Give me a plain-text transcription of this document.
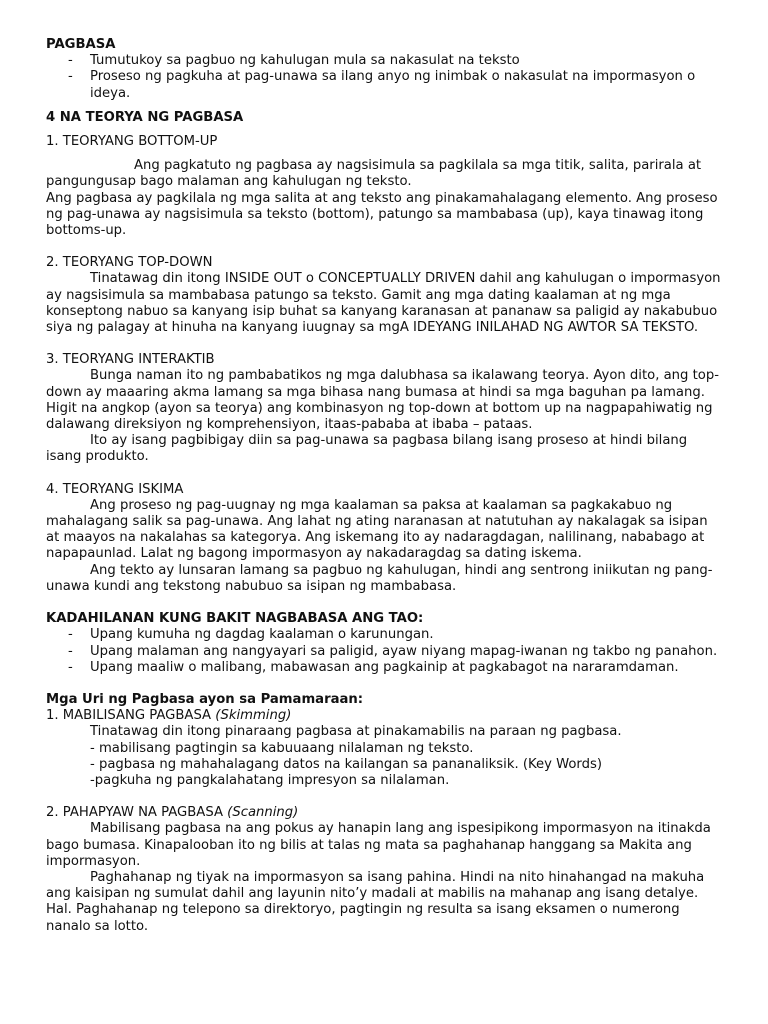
PAGBASA
- Tumutukoy sa pagbuo ng kahulugan mula sa nakasulat na teksto
- Proseso ng pagkuha at pag-unawa sa ilang anyo ng inimbak o nakasulat na impormasyon o ideya.
4 NA TEORYA NG PAGBASA
1. TEORYANG BOTTOM-UP

Ang pagkatuto ng pagbasa ay nagsisimula sa pagkilala sa mga titik, salita, parirala at pangungusap bago malaman ang kahulugan ng teksto.

Ang pagbasa ay pagkilala ng mga salita at ang teksto ang pinakamahalagang elemento. Ang proseso ng pag-unawa ay nagsisimula sa teksto (bottom), patungo sa mambabasa (up), kaya tinawag itong bottoms-up.

2. TEORYANG TOP-DOWN

Tinatawag din itong INSIDE OUT o CONCEPTUALLY DRIVEN dahil ang kahulugan o impormasyon ay nagsisimula sa mambabasa patungo sa teksto. Gamit ang mga dating kaalaman at ng mga konseptong nabuo sa kanyang isip buhat sa kanyang karanasan at pananaw sa paligid ay nakabubuo siya ng palagay at hinuha na kanyang iuugnay sa mgA IDEYANG INILAHAD NG AWTOR SA TEKSTO.

3. TEORYANG INTERAKTIB

Bunga naman ito ng pambabatikos ng mga dalubhasa sa ikalawang teorya. Ayon dito, ang top-down ay maaaring akma lamang sa mga bihasa nang bumasa at hindi sa mga baguhan pa lamang. Higit na angkop (ayon sa teorya) ang kombinasyon ng top-down at bottom up na nagpapahiwatig ng dalawang direksiyon ng komprehensiyon, itaas-pababa at ibaba – pataas.

Ito ay isang pagbibigay diin sa pag-unawa sa pagbasa bilang isang proseso at hindi bilang isang produkto.

4. TEORYANG ISKIMA

Ang proseso ng pag-uugnay ng mga kaalaman sa paksa at kaalaman sa pagkakabuo ng mahalagang salik sa pag-unawa. Ang lahat ng ating naranasan at natutuhan ay nakalagak sa isipan at maayos na nakalahas sa kategorya. Ang iskemang ito ay nadaragdagan, nalilinang, nababago at napapaunlad. Lalat ng bagong impormasyon ay nakadaragdag sa dating iskema.

Ang tekto ay lunsaran lamang sa pagbuo ng kahulugan, hindi ang sentrong iniikutan ng pang-unawa kundi ang tekstong nabubuo sa isipan ng mambabasa.

KADAHILANAN KUNG BAKIT NAGBABASA ANG TAO:
- Upang kumuha ng dagdag kaalaman o karunungan.
- Upang malaman ang nangyayari sa paligid, ayaw niyang mapag-iwanan ng takbo ng panahon.
- Upang maaliw o malibang, mabawasan ang pagkainip at pagkabagot na nararamdaman.
Mga Uri ng Pagbasa ayon sa Pamamaraan:
1. MABILISANG PAGBASA (Skimming)

Tinatawag din itong pinaraang pagbasa at pinakamabilis na paraan ng pagbasa.

- mabilisang pagtingin sa kabuuaang nilalaman ng teksto.

- pagbasa ng mahahalagang datos na kailangan sa pananaliksik. (Key Words)

-pagkuha ng pangkalahatang impresyon sa nilalaman.

2. PAHAPYAW NA PAGBASA (Scanning)

Mabilisang pagbasa na ang pokus ay hanapin lang ang ispesipikong impormasyon na itinakda bago bumasa. Kinapalooban ito ng bilis at talas ng mata sa paghahanap hanggang sa Makita ang impormasyon.

Paghahanap ng tiyak na impormasyon sa isang pahina. Hindi na nito hinahangad na makuha ang kaisipan ng sumulat dahil ang layunin nito’y madali at mabilis na mahanap ang isang detalye.

Hal. Paghahanap ng telepono sa direktoryo, pagtingin ng resulta sa isang eksamen o numerong nanalo sa lotto.
